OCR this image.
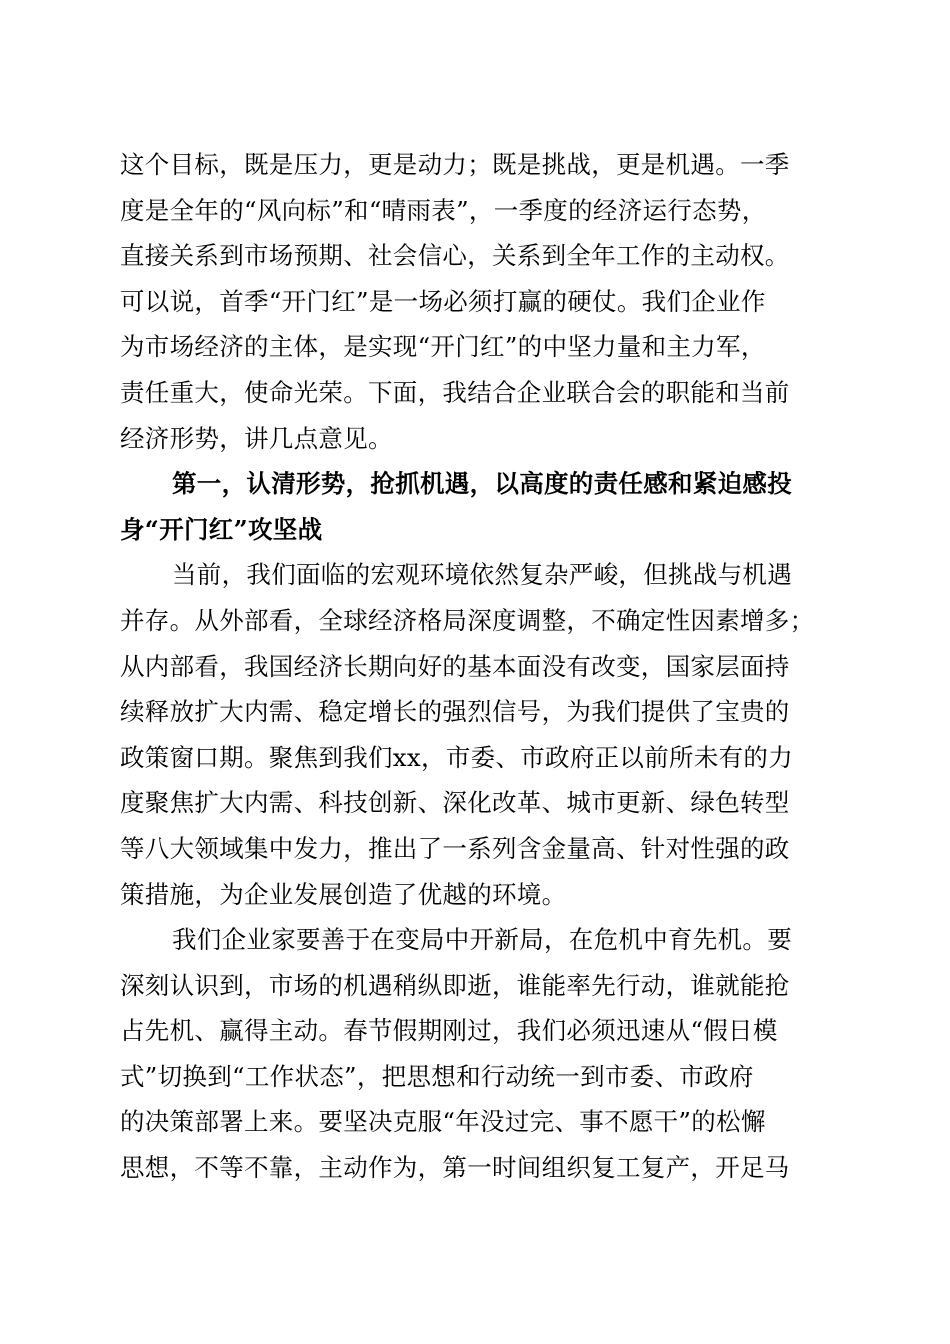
这个目标，既是压力，更是动力；既是挑战，更是机遇。一季
度是全年的“风向标”和“晴雨表”，一季度的经济运行态势，
直接关系到市场预期、社会信心，关系到全年工作的主动权。
可以说，首季“开门红”是一场必须打赢的硬仗。我们企业作
为市场经济的主体，是实现“开门红”的中坚力量和主力军，
责任重大，使命光荣。下面，我结合企业联合会的职能和当前
经济形势，讲几点意见。
第一，认清形势，抢抓机遇，以高度的责任感和紧迫感投
身“开门红”攻坚战
当前，我们面临的宏观环境依然复杂严峻，但挑战与机遇
并存。从外部看，全球经济格局深度调整，不确定性因素增多；
从内部看，我国经济长期向好的基本面没有改变，国家层面持
续释放扩大内需、稳定增长的强烈信号，为我们提供了宝贵的
政策窗口期。聚焦到我们xx，市委、市政府正以前所未有的力
度聚焦扩大内需、科技创新、深化改革、城市更新、绿色转型
等八大领域集中发力，推出了一系列含金量高、针对性强的政
策措施，为企业发展创造了优越的环境。
我们企业家要善于在变局中开新局，在危机中育先机。要
深刻认识到，市场的机遇稍纵即逝，谁能率先行动，谁就能抢
占先机、赢得主动。春节假期刚过，我们必须迅速从“假日模
式”切换到“工作状态”，把思想和行动统一到市委、市政府
的决策部署上来。要坚决克服“年没过完、事不愿干”的松懈
思想，不等不靠，主动作为，第一时间组织复工复产，开足马
